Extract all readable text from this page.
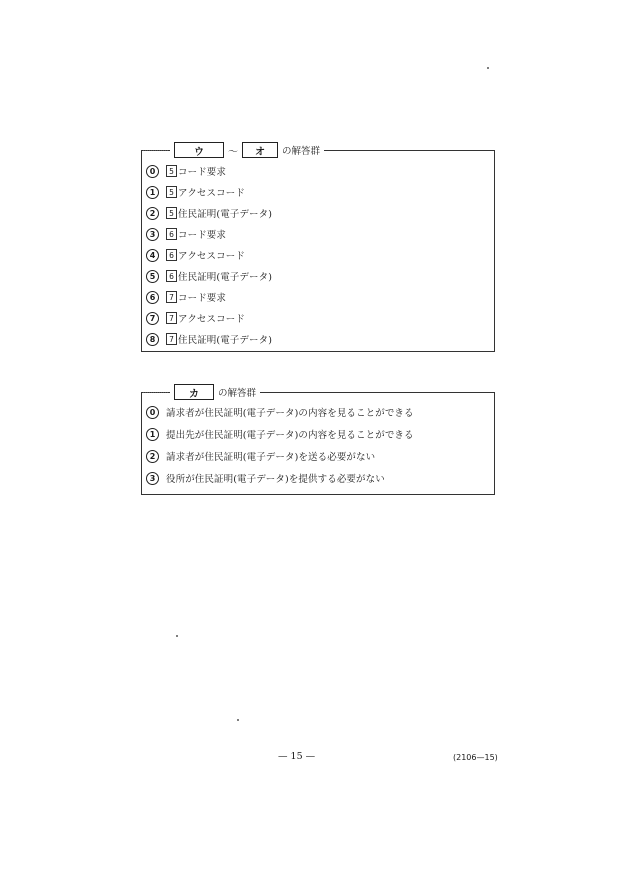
ウ	～	オ	の解答群
0	5 コード要求
1	5 アクセスコード
2	5 住民証明(電子データ)
3	6 コード要求
4	6 アクセスコード
5	6 住民証明(電子データ)
6	7 コード要求
7	7 アクセスコード
8	7 住民証明(電子データ)
カ	の解答群
0	請求者が住民証明(電子データ)の内容を見ることができる
1	提出先が住民証明(電子データ)の内容を見ることができる
2	請求者が住民証明(電子データ)を送る必要がない
3	役所が住民証明(電子データ)を提供する必要がない
— 15 —	(2106—15)
